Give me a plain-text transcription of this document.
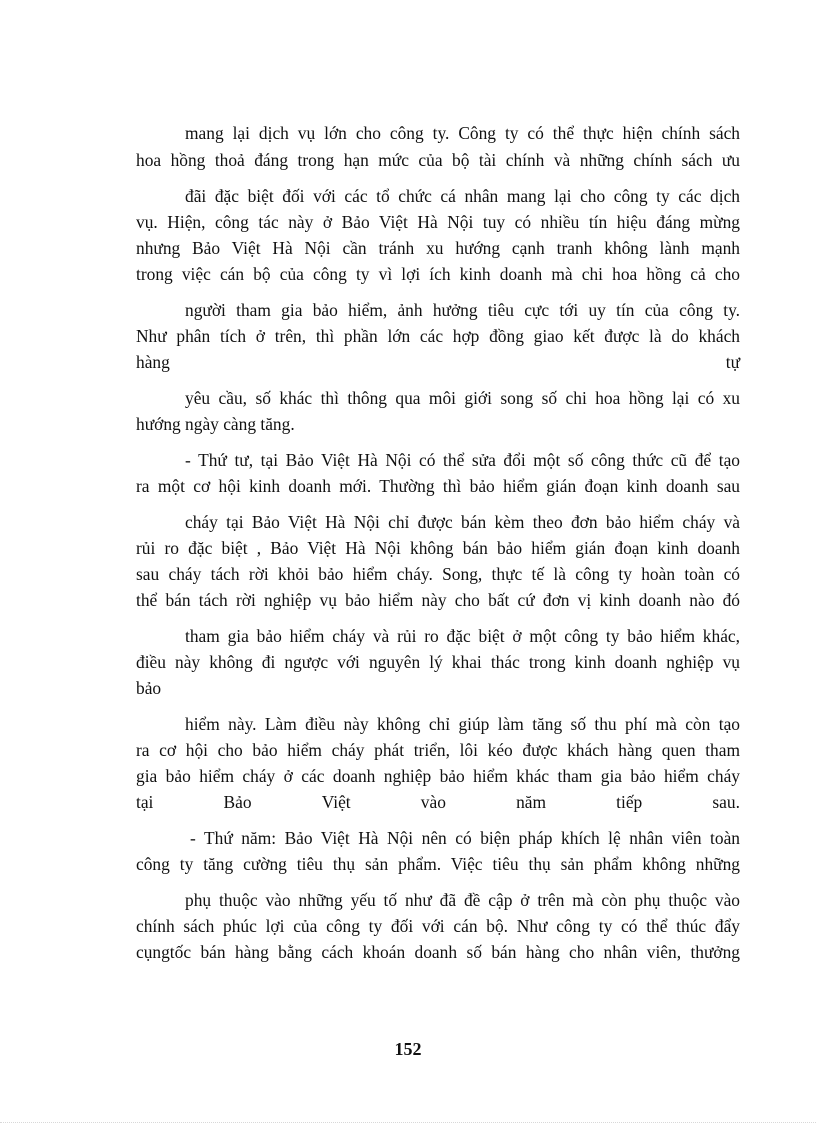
mang lại dịch vụ lớn cho công ty. Công ty có thể thực hiện chính sách
hoa hồng thoả đáng trong hạn mức của bộ tài chính và những chính sách ưu
đãi đặc biệt đối với các tổ chức cá nhân mang lại cho công ty các dịch
vụ. Hiện, công tác này ở Bảo Việt Hà Nội tuy có nhiều tín hiệu đáng mừng
nhưng Bảo Việt Hà Nội cần tránh xu hướng cạnh tranh không lành mạnh
trong việc cán bộ của công ty vì lợi ích kinh doanh mà chi hoa hồng cả cho
người tham gia bảo hiểm, ảnh hưởng tiêu cực tới uy tín của công ty.
Như phân tích ở trên, thì phần lớn các hợp đồng giao kết được là do khách
hàng	tự
yêu cầu, số khác thì thông qua môi giới song số chi hoa hồng lại có xu
hướng ngày càng tăng.
- Thứ tư, tại Bảo Việt Hà Nội có thể sửa đổi một số công thức cũ để tạo
ra một cơ hội kinh doanh mới. Thường thì bảo hiểm gián đoạn kinh doanh sau
cháy tại Bảo Việt Hà Nội chỉ được bán kèm theo đơn bảo hiểm cháy và
rủi ro đặc biệt , Bảo Việt Hà Nội không bán bảo hiểm gián đoạn kinh doanh
sau cháy tách rời khỏi bảo hiểm cháy. Song, thực tế là công ty hoàn toàn có
thể bán tách rời nghiệp vụ bảo hiểm này cho bất cứ đơn vị kinh doanh nào đó
tham gia bảo hiểm cháy và rủi ro đặc biệt ở một công ty bảo hiểm khác,
điều này không đi ngược với nguyên lý khai thác trong kinh doanh nghiệp vụ
bảo
hiểm này. Làm điều này không chỉ giúp làm tăng số thu phí mà còn tạo
ra cơ hội cho bảo hiểm cháy phát triển, lôi kéo được khách hàng quen tham
gia bảo hiểm cháy ở các doanh nghiệp bảo hiểm khác tham gia bảo hiểm cháy
tại	Bảo	Việt	vào	năm	tiếp	sau.
- Thứ năm: Bảo Việt Hà Nội nên có biện pháp khích lệ nhân viên toàn
công ty tăng cường tiêu thụ sản phẩm. Việc tiêu thụ sản phẩm không những
phụ thuộc vào những yếu tố như đã đề cập ở trên mà còn phụ thuộc vào
chính sách phúc lợi của công ty đối với cán bộ. Như công ty có thể thúc đẩy
cụngtốc bán hàng bằng cách khoán doanh số bán hàng cho nhân viên, thưởng
152
